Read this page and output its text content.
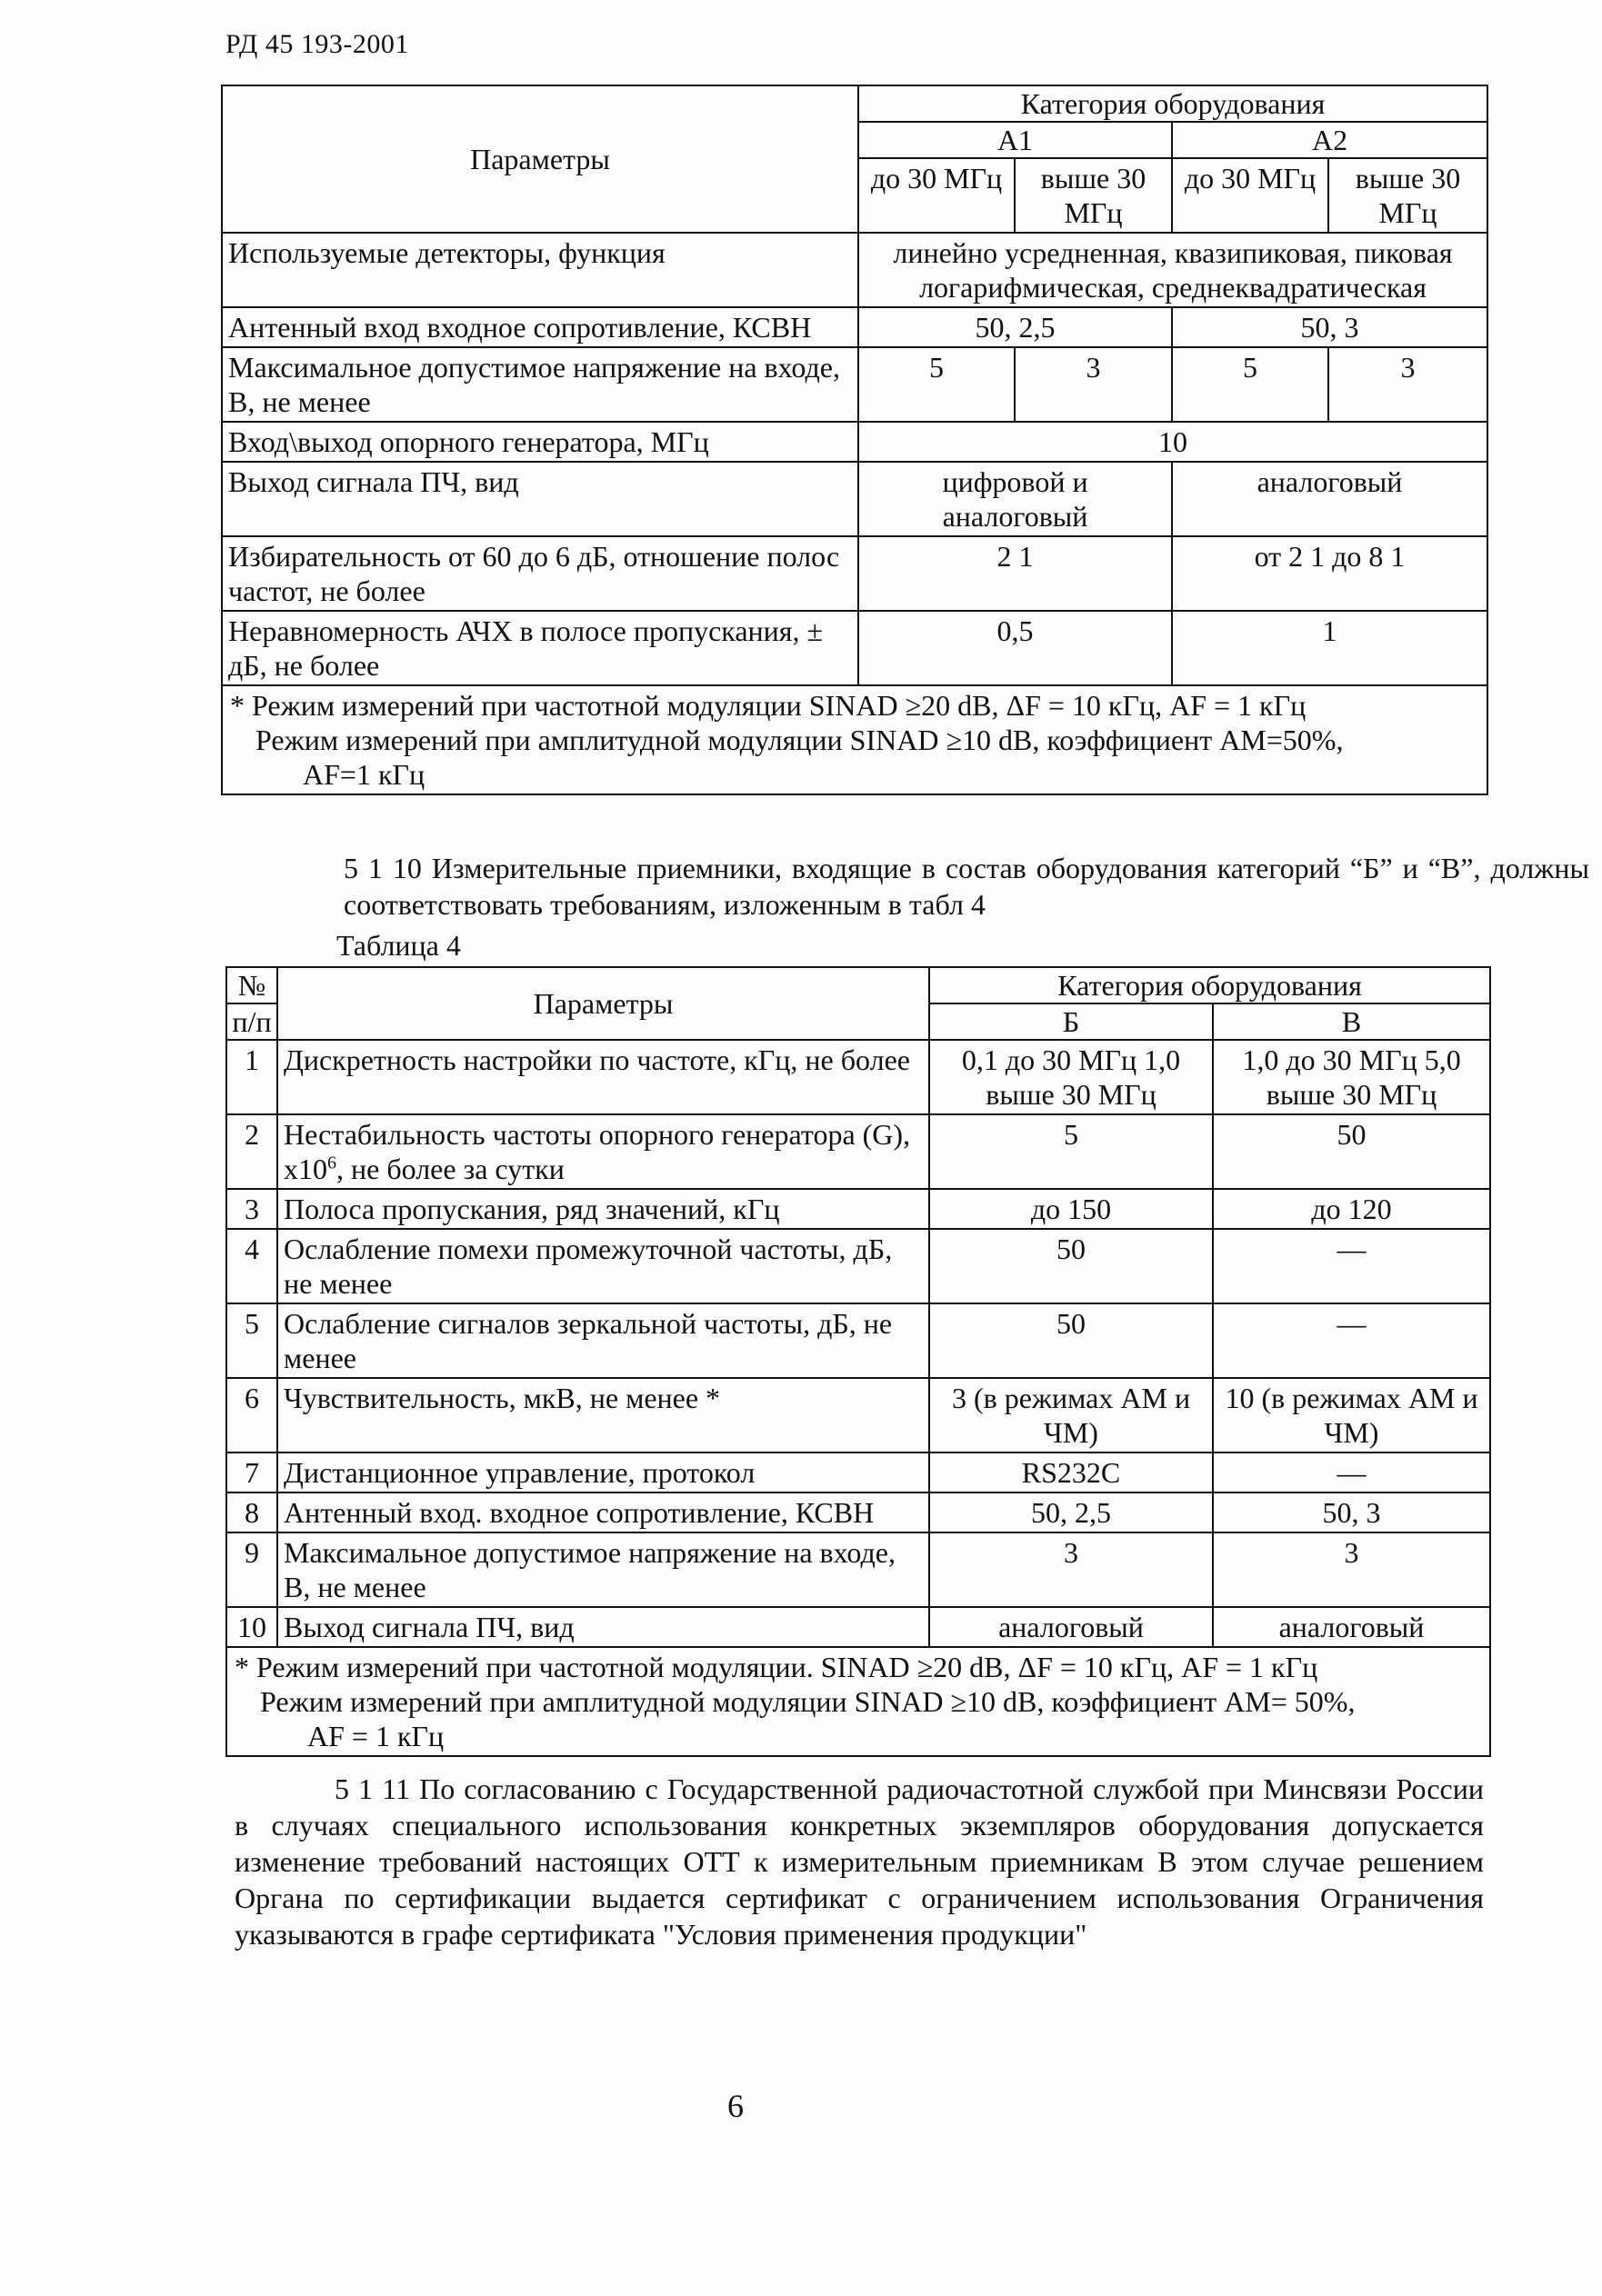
РД 45 193-2001
Параметры	Категория оборудования			
	А1		А2	
	до 30 МГц	выше 30 МГц	до 30 МГц	выше 30 МГц
Используемые детекторы, функция	линейно усредненная, квазипиковая, пиковая логарифмическая, среднеквадратическая			
Антенный вход входное сопротивление, КСВН	50, 2,5		50, 3	
Максимальное допустимое напряжение на входе, В, не менее	5	3	5	3
Вход\выход опорного генератора, МГц	10			
Выход сигнала ПЧ, вид	цифровой и аналоговый		аналоговый	
Избирательность от 60 до 6 дБ, отношение полос частот, не более	2 1		от 2 1 до 8 1	
Неравномерность АЧХ в полосе пропускания, ± дБ, не более	0,5		1	

* Режим измерений при частотной модуляции SINAD ≥20 dB, ΔF = 10 кГц, AF = 1 кГц
Режим измерений при амплитудной модуляции SINAD ≥10 dB, коэффициент АМ=50%,
AF=1 кГц				
5 1 10 Измерительные приемники, входящие в состав оборудования категорий “Б” и “В”, должны соответствовать требованиям, изложенным в табл 4
Таблица 4
№	Параметры	Категория оборудования	
п/п		Б	В
1	Дискретность настройки по частоте, кГц, не более	0,1 до 30 МГц 1,0 выше 30 МГц	1,0 до 30 МГц 5,0 выше 30 МГц
2	Нестабильность частоты опорного генератора (G), $x10^6$, не более за сутки	5	50
3	Полоса пропускания, ряд значений, кГц	до 150	до 120
4	Ослабление помехи промежуточной частоты, дБ, не менее	50	—
5	Ослабление сигналов зеркальной частоты, дБ, не менее	50	—
6	Чувствительность, мкВ, не менее *	3 (в режимах АМ и ЧМ)	10 (в режимах АМ и ЧМ)
7	Дистанционное управление, протокол	RS232C	—
8	Антенный вход. входное сопротивление, КСВН	50, 2,5	50, 3
9	Максимальное допустимое напряжение на входе, В, не менее	3	3
10	Выход сигнала ПЧ, вид	аналоговый	аналоговый

* Режим измерений при частотной модуляции. SINAD ≥20 dB, ΔF = 10 кГц, AF = 1 кГц
Режим измерений при амплитудной модуляции SINAD ≥10 dB, коэффициент АМ= 50%,
AF = 1 кГц			
5 1 11 По согласованию с Государственной радиочастотной службой при Минсвязи России в случаях специального использования конкретных экземпляров оборудования допускается изменение требований настоящих ОТТ к измерительным приемникам В этом случае решением Органа по сертификации выдается сертификат с ограничением использования Ограничения указываются в графе сертификата "Условия применения продукции"
6
